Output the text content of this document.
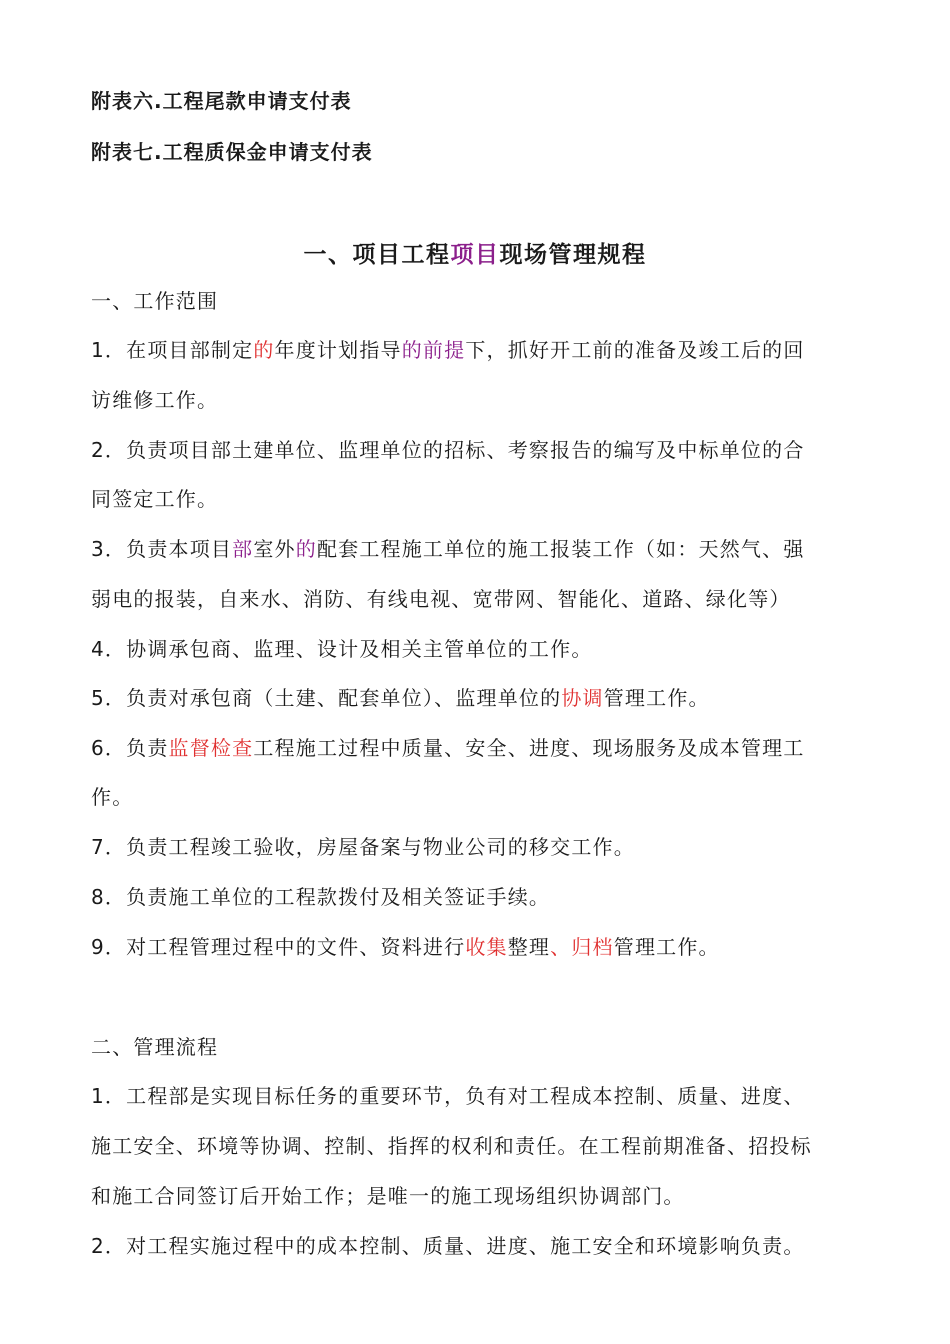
附表六.工程尾款申请支付表
附表七.工程质保金申请支付表
一、项目工程项目现场管理规程
一、工作范围
1．在项目部制定的年度计划指导的前提下，抓好开工前的准备及竣工后的回
访维修工作。
2．负责项目部土建单位、监理单位的招标、考察报告的编写及中标单位的合
同签定工作。
3．负责本项目部室外的配套工程施工单位的施工报装工作（如：天然气、强
弱电的报装，自来水、消防、有线电视、宽带网、智能化、道路、绿化等）
4．协调承包商、监理、设计及相关主管单位的工作。
5．负责对承包商（土建、配套单位）、监理单位的协调管理工作。
6．负责监督检查工程施工过程中质量、安全、进度、现场服务及成本管理工
作。
7．负责工程竣工验收，房屋备案与物业公司的移交工作。
8．负责施工单位的工程款拨付及相关签证手续。
9．对工程管理过程中的文件、资料进行收集整理、归档管理工作。
二、管理流程
1．工程部是实现目标任务的重要环节，负有对工程成本控制、质量、进度、
施工安全、环境等协调、控制、指挥的权利和责任。在工程前期准备、招投标
和施工合同签订后开始工作；是唯一的施工现场组织协调部门。
2．对工程实施过程中的成本控制、质量、进度、施工安全和环境影响负责。
